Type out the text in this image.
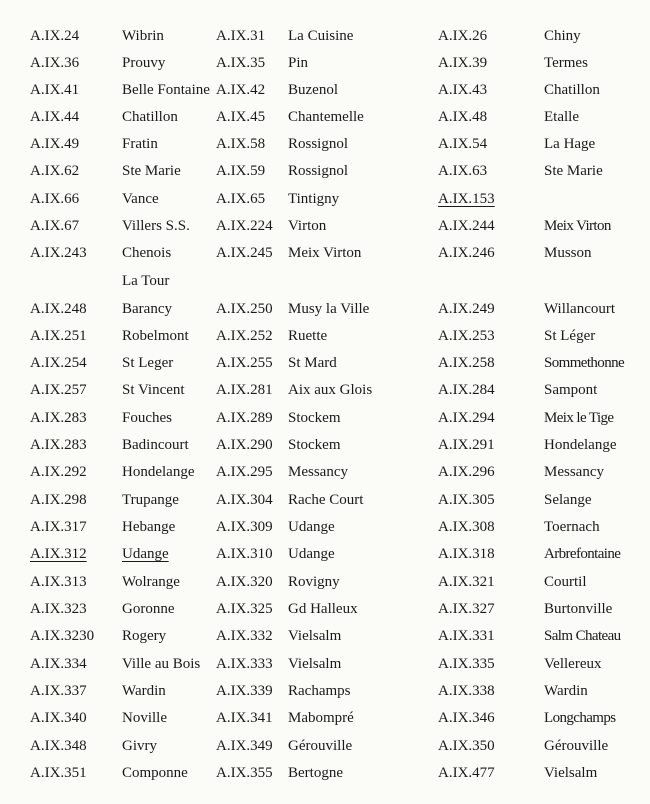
A.IX.24	Wibrin	A.IX.31 La Cuisine	A.IX.26	Chiny
A.IX.36	Prouvy	A.IX.35 Pin	A.IX.39	Termes
A.IX.41	Belle Fontaine A.IX.42 Buzenol	A.IX.43	Chatillon
A.IX.44	Chatillon	A.IX.45 Chantemelle	A.IX.48	Etalle
A.IX.49	Fratin	A.IX.58 Rossignol	A.IX.54	La Hage
A.IX.62	Ste Marie A.IX.59 Rossignol	A.IX.63	Ste Marie
A.IX.66	Vance	A.IX.65 Tintigny	A.IX.153
A.IX.67	Villers S.S. A.IX.224 Virton	A.IX.244	Meix Virton
A.IX.243 Chenois	A.IX.245 Meix Virton	A.IX.246	Musson
La Tour
A.IX.248 Barancy	A.IX.250 Musy la Ville	A.IX.249	Willancourt
A.IX.251 Robelmont A.IX.252 Ruette	A.IX.253	St Léger
A.IX.254 St Leger	A.IX.255 St Mard	A.IX.258	Sommethonne
A.IX.257 St Vincent A.IX.281 Aix aux Glois	A.IX.284	Sampont
A.IX.283 Fouches	A.IX.289 Stockem	A.IX.294	Meix le Tige
A.IX.283 Badincourt A.IX.290 Stockem	A.IX.291	Hondelange
A.IX.292 Hondelange A.IX.295 Messancy	A.IX.296	Messancy
A.IX.298 Trupange A.IX.304 Rache Court	A.IX.305	Selange
A.IX.317 Hebange	A.IX.309 Udange	A.IX.308	Toernach
A.IX.312 Udange	A.IX.310 Udange	A.IX.318	Arbrefontaine
A.IX.313 Wolrange A.IX.320 Rovigny	A.IX.321	Courtil
A.IX.323 Goronne	A.IX.325 Gd Halleux	A.IX.327	Burtonville
A.IX.3230 Rogery	A.IX.332 Vielsalm	A.IX.331	Salm Chateau
A.IX.334 Ville au Bois A.IX.333 Vielsalm	A.IX.335	Vellereux
A.IX.337 Wardin	A.IX.339 Rachamps	A.IX.338	Wardin
A.IX.340 Noville	A.IX.341 Mabompré	A.IX.346	Longchamps
A.IX.348 Givry	A.IX.349 Gérouville	A.IX.350	Gérouville
A.IX.351 Componne A.IX.355 Bertogne	A.IX.477	Vielsalm
